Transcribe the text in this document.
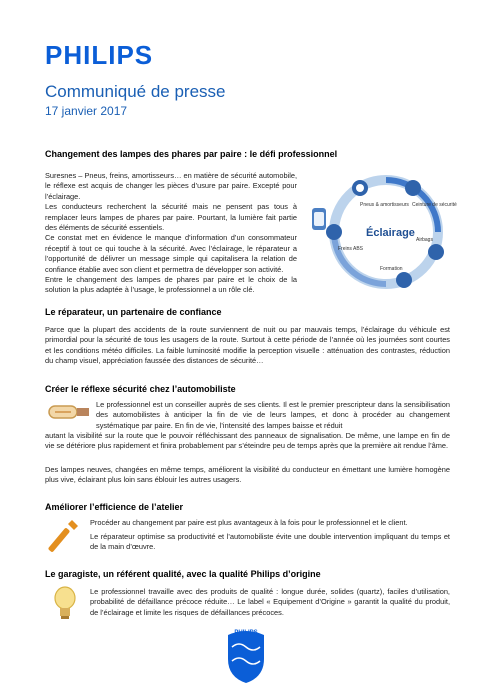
PHILIPS
Communiqué de presse
17 janvier 2017
Changement des lampes des phares par paire : le défi professionnel
Suresnes – Pneus, freins, amortisseurs… en matière de sécurité automobile, le réflexe est acquis de changer les pièces d’usure par paire. Excepté pour l’éclairage.
Les conducteurs recherchent la sécurité mais ne pensent pas tous à remplacer leurs lampes de phares par paire. Pourtant, la lumière fait partie des éléments de sécurité essentiels.
Ce constat met en évidence le manque d’information d’un consommateur réceptif à tout ce qui touche à la sécurité. Avec l’éclairage, le réparateur a l’opportunité de délivrer un message simple qui capitalisera la relation de confiance établie avec son client et permettra de développer son activité.
Entre le changement des lampes de phares par paire et le choix de la solution la plus adaptée à l’usage, le professionnel a un rôle clé.
Pneus & amortisseurs Ceinture de sécurité
Freins ABS
Airbags
Formation
Éclairage
Le réparateur, un partenaire de confiance
Parce que la plupart des accidents de la route surviennent de nuit ou par mauvais temps, l’éclairage du véhicule est primordial pour la sécurité de tous les usagers de la route. Surtout à cette période de l’année où les journées sont courtes et les conditions météo difficiles. La faible luminosité modifie la perception visuelle : atténuation des contrastes, réduction du champ visuel, appréciation faussée des distances de sécurité…
Créer le réflexe sécurité chez l’automobiliste
Le professionnel est un conseiller auprès de ses clients. Il est le premier prescripteur dans la sensibilisation des automobilistes à anticiper la fin de vie de leurs lampes, et donc à procéder au changement systématique par paire. En fin de vie, l’intensité des lampes baisse et réduit
autant la visibilité sur la route que le pouvoir réfléchissant des panneaux de signalisation. De même, une lampe en fin de vie se détériore plus rapidement et finira probablement par s’éteindre peu de temps après que la première ait rendue l’âme.
Des lampes neuves, changées en même temps, améliorent la visibilité du conducteur en émettant une lumière homogène plus vive, éclairant plus loin sans éblouir les autres usagers.
Améliorer l’efficience de l’atelier
Procéder au changement par paire est plus avantageux à la fois pour le professionnel et le client.
Le réparateur optimise sa productivité et l’automobiliste évite une double intervention impliquant du temps et de la main d’œuvre.
Le garagiste, un référent qualité, avec la qualité Philips d’origine
Le professionnel travaille avec des produits de qualité : longue durée, solides (quartz), faciles d’utilisation, probabilité de défaillance précoce réduite… Le label « Equipement d’Origine » garantit la qualité du produit, de l’éclairage et limite les risques de défaillances précoces.
PHILIPS
